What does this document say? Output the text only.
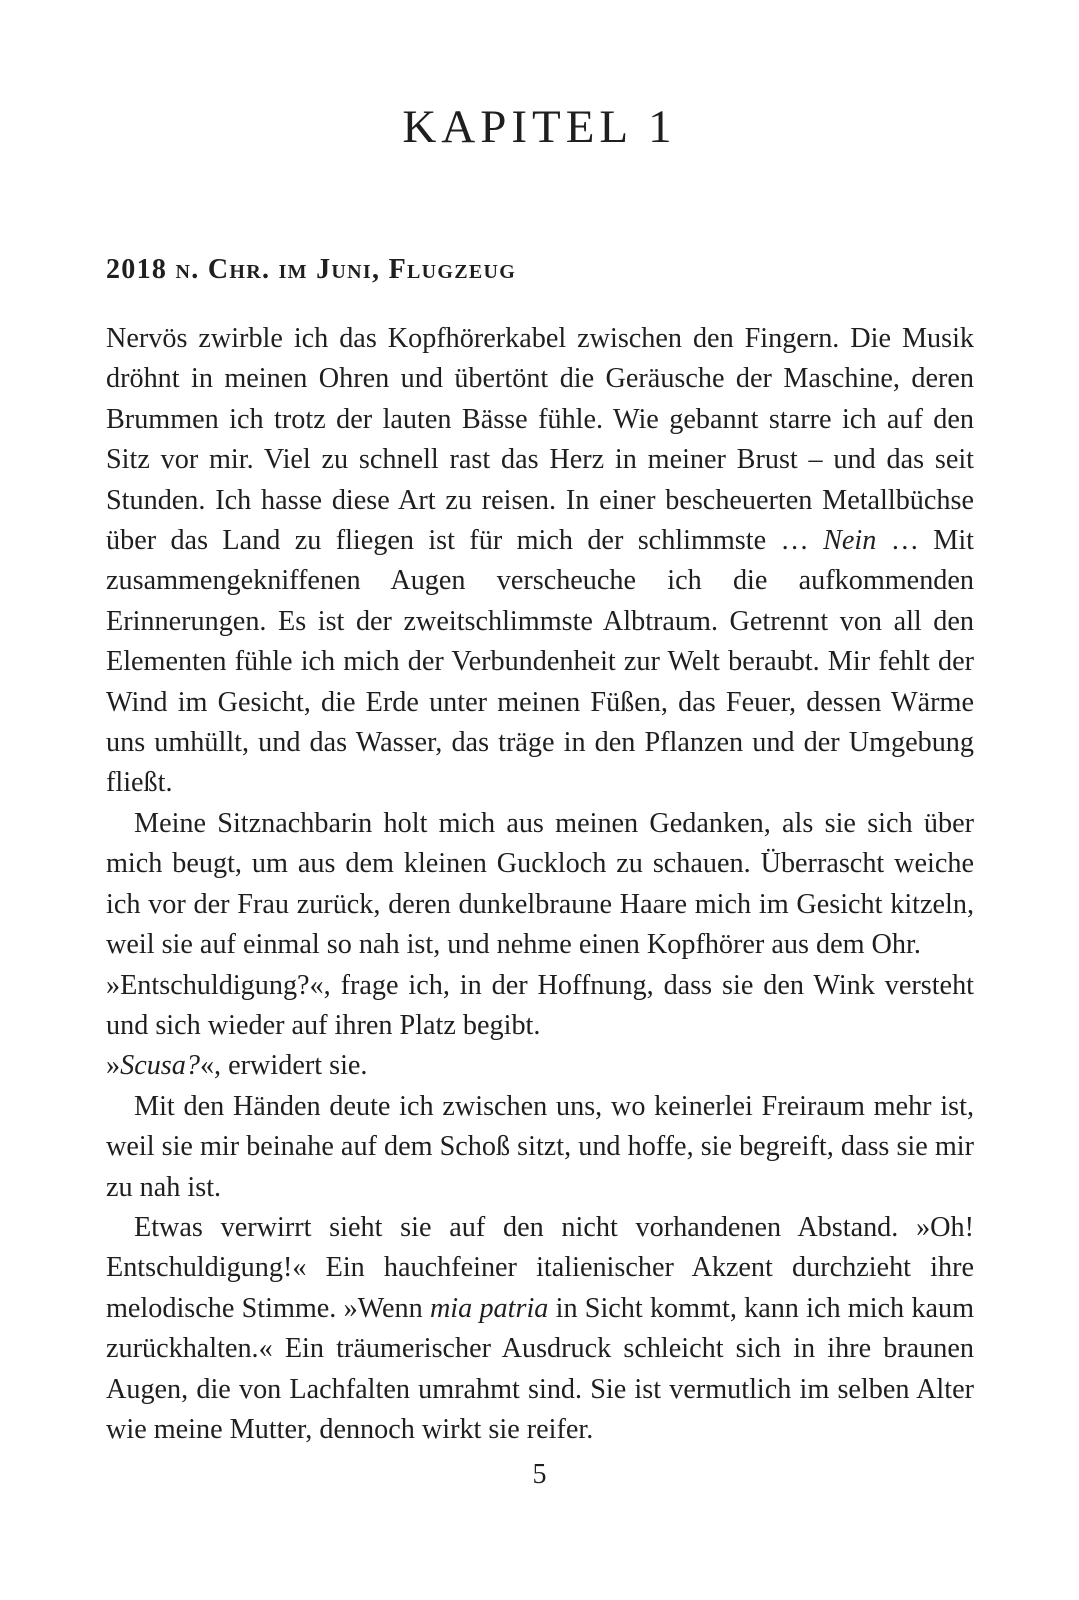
KAPITEL 1
2018 n. Chr. im Juni, Flugzeug

Nervös zwirble ich das Kopfhörerkabel zwischen den Fingern. Die Musik dröhnt in meinen Ohren und übertönt die Geräusche der Maschine, deren Brummen ich trotz der lauten Bässe fühle. Wie gebannt starre ich auf den Sitz vor mir. Viel zu schnell rast das Herz in meiner Brust – und das seit Stunden. Ich hasse diese Art zu reisen. In einer bescheuerten Metallbüchse über das Land zu fliegen ist für mich der schlimmste … Nein … Mit zusammengekniffenen Augen verscheuche ich die aufkommenden Erinnerungen. Es ist der zweitschlimmste Albtraum. Getrennt von all den Elementen fühle ich mich der Verbundenheit zur Welt beraubt. Mir fehlt der Wind im Gesicht, die Erde unter meinen Füßen, das Feuer, dessen Wärme uns umhüllt, und das Wasser, das träge in den Pflanzen und der Umgebung fließt.

Meine Sitznachbarin holt mich aus meinen Gedanken, als sie sich über mich beugt, um aus dem kleinen Guckloch zu schauen. Überrascht weiche ich vor der Frau zurück, deren dunkelbraune Haare mich im Gesicht kitzeln, weil sie auf einmal so nah ist, und nehme einen Kopfhörer aus dem Ohr.

»Entschuldigung?«, frage ich, in der Hoffnung, dass sie den Wink versteht und sich wieder auf ihren Platz begibt.

»Scusa?«, erwidert sie.

Mit den Händen deute ich zwischen uns, wo keinerlei Freiraum mehr ist, weil sie mir beinahe auf dem Schoß sitzt, und hoffe, sie begreift, dass sie mir zu nah ist.

Etwas verwirrt sieht sie auf den nicht vorhandenen Abstand. »Oh! Entschuldigung!« Ein hauchfeiner italienischer Akzent durchzieht ihre melodische Stimme. »Wenn mia patria in Sicht kommt, kann ich mich kaum zurückhalten.« Ein träumerischer Ausdruck schleicht sich in ihre braunen Augen, die von Lachfalten umrahmt sind. Sie ist vermutlich im selben Alter wie meine Mutter, dennoch wirkt sie reifer.

5
